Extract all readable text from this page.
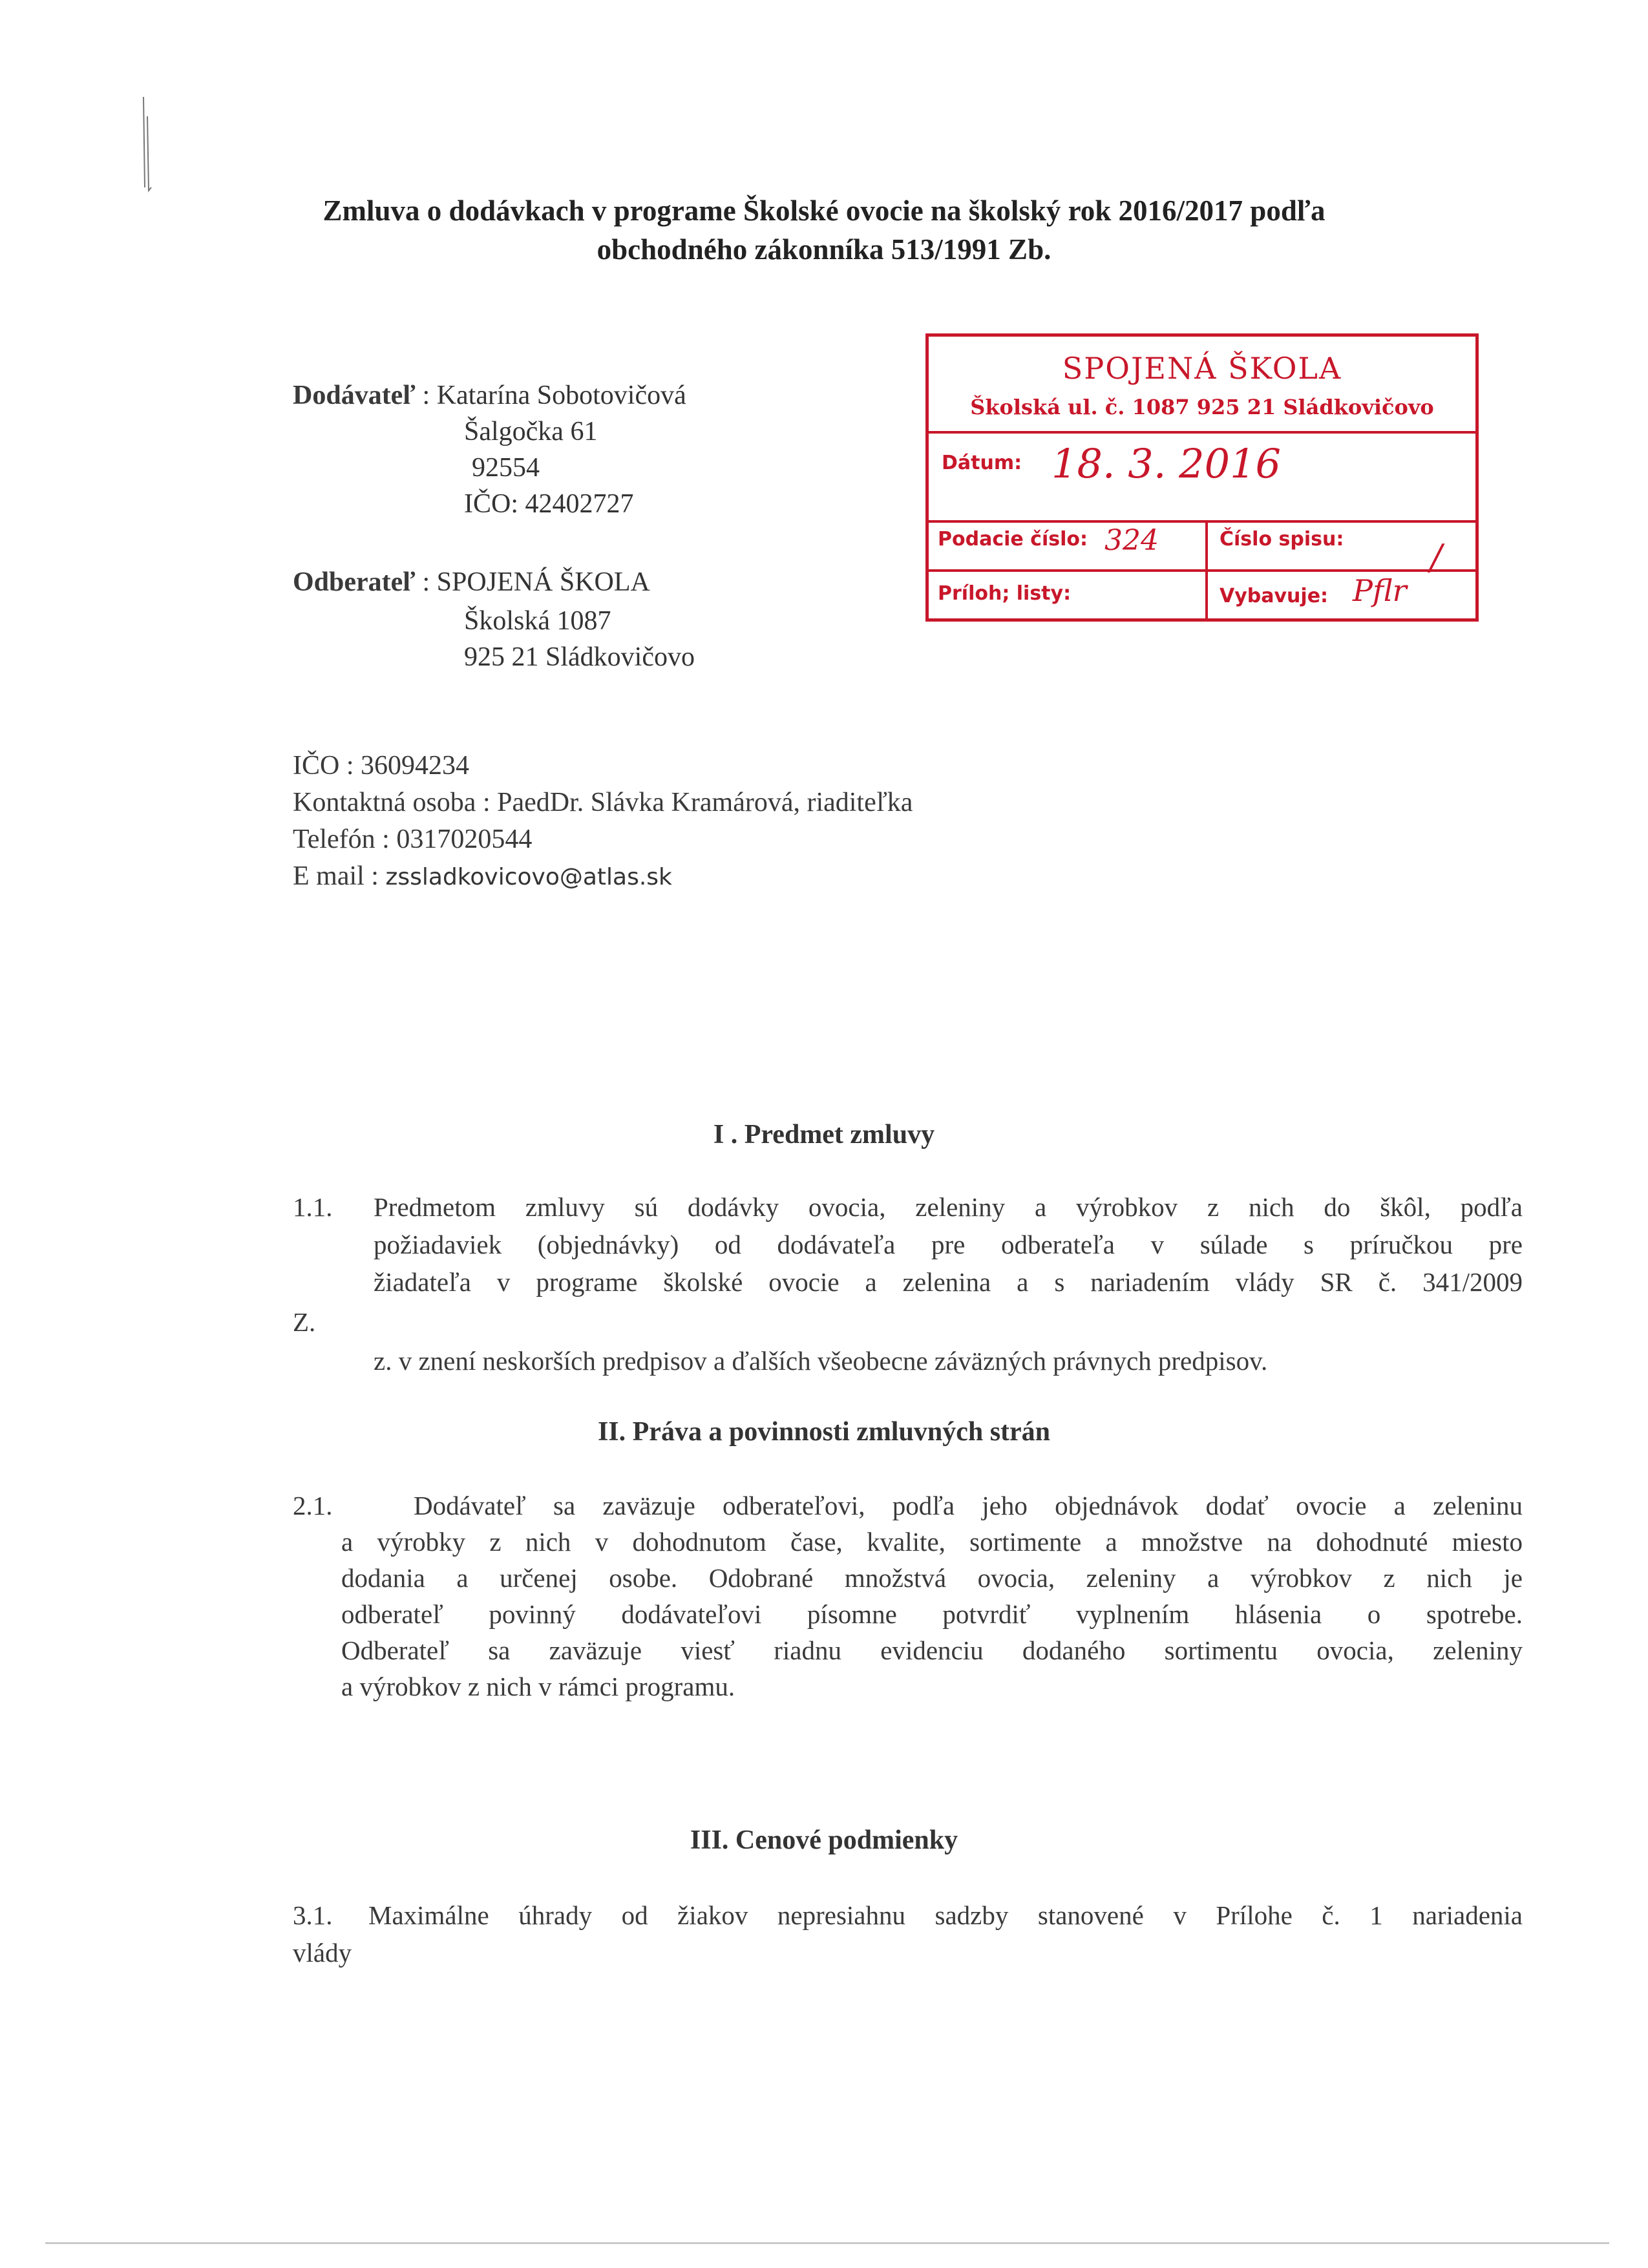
Zmluva o dodávkach v programe Školské ovocie na školský rok 2016/2017 podľa
obchodného zákonníka 513/1991 Zb.
Dodávateľ : Katarína Sobotovičová
Šalgočka 61
92554
IČO: 42402727
Odberateľ : SPOJENÁ ŠKOLA
Školská 1087
925 21 Sládkovičovo
SPOJENÁ ŠKOLA
Školská ul. č. 1087 925 21 Sládkovičovo
Dátum: 18. 3. 2016
Podacie číslo: 324	Číslo spisu: /
Príloh; listy:	Vybavuje: Pflr
IČO : 36094234
Kontaktná osoba : PaedDr. Slávka Kramárová, riaditeľka
Telefón : 0317020544
E mail : zssladkovicovo@atlas.sk
I . Predmet zmluvy
1.1. Predmetom zmluvy sú dodávky ovocia, zeleniny a výrobkov z nich do škôl, podľa
požiadaviek (objednávky) od dodávateľa pre odberateľa v súlade s príručkou pre
žiadateľa v programe školské ovocie a zelenina a s nariadením vlády SR č. 341/2009
Z.
z. v znení neskorších predpisov a ďalších všeobecne záväzných právnych predpisov.
II. Práva a povinnosti zmluvných strán
2.1.	Dodávateľ sa zaväzuje odberateľovi, podľa jeho objednávok dodať ovocie a zeleninu
a výrobky z nich v dohodnutom čase, kvalite, sortimente a množstve na dohodnuté miesto
dodania a určenej osobe. Odobrané množstvá ovocia, zeleniny a výrobkov z nich je
odberateľ povinný dodávateľovi písomne potvrdiť vyplnením hlásenia o spotrebe.
Odberateľ sa zaväzuje viesť riadnu evidenciu dodaného sortimentu ovocia, zeleniny
a výrobkov z nich v rámci programu.
III. Cenové podmienky
3.1. Maximálne úhrady od žiakov nepresiahnu sadzby stanovené v Prílohe č. 1 nariadenia
vlády
